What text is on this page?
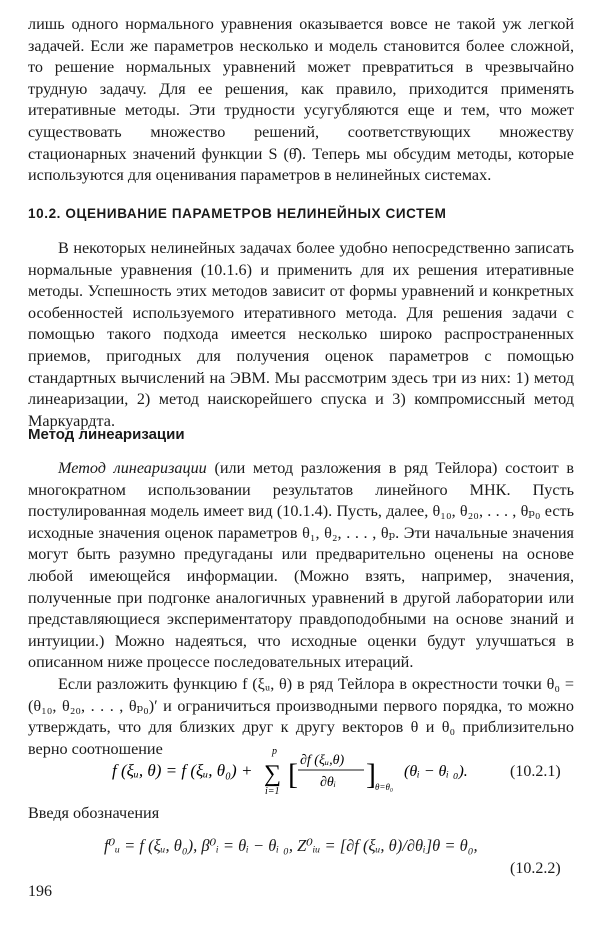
лишь одного нормального уравнения оказывается вовсе не такой уж легкой задачей. Если же параметров несколько и модель становится более сложной, то решение нормальных уравнений может превратиться в чрезвычайно трудную задачу. Для ее решения, как правило, приходится применять итеративные методы. Эти трудности усугубляются еще и тем, что может существовать множество решений, соответствующих множеству стационарных значений функции S (θ̂). Теперь мы обсудим методы, которые используются для оценивания параметров в нелинейных системах.

10.2. ОЦЕНИВАНИЕ ПАРАМЕТРОВ НЕЛИНЕЙНЫХ СИСТЕМ

В некоторых нелинейных задачах более удобно непосредственно записать нормальные уравнения (10.1.6) и применить для их решения итеративные методы. Успешность этих методов зависит от формы уравнений и конкретных особенностей используемого итеративного метода. Для решения задачи с помощью такого подхода имеется несколько широко распространенных приемов, пригодных для получения оценок параметров с помощью стандартных вычислений на ЭВМ. Мы рассмотрим здесь три из них: 1) метод линеаризации, 2) метод наискорейшего спуска и 3) компромиссный метод Маркуардта.

Метод линеаризации

Метод линеаризации (или метод разложения в ряд Тейлора) состоит в многократном использовании результатов линейного МНК. Пусть постулированная модель имеет вид (10.1.4). Пусть, далее, θ₁₀, θ₂₀, . . . , θₚ₀ есть исходные значения оценок параметров θ₁, θ₂, . . . , θₚ. Эти начальные значения могут быть разумно предугаданы или предварительно оценены на основе любой имеющейся информации. (Можно взять, например, значения, полученные при подгонке аналогичных уравнений в другой лаборатории или представляющиеся экспериментатору правдоподобными на основе знаний и интуиции.) Можно надеяться, что исходные оценки будут улучшаться в описанном ниже процессе последовательных итераций.

Если разложить функцию f (ξᵤ, θ) в ряд Тейлора в окрестности точки θ₀ = (θ₁₀, θ₂₀, . . . , θₚ₀)′ и ограничиться производными первого порядка, то можно утверждать, что для близких друг к другу векторов θ и θ₀ приблизительно верно соотношение

f (ξᵤ, θ) = f (ξᵤ, θ₀) +
p
∑
i=1
[ ∂f (ξᵤ,θ)
∂θᵢ ] θ=θ₀
(θᵢ − θᵢ ₀).	(10.2.1)

Введя обозначения

f⁰ᵤ = f (ξᵤ, θ₀), β⁰ᵢ = θᵢ − θᵢ ₀, Z⁰ᵢᵤ = [∂f (ξᵤ, θ)/∂θᵢ]θ = θ₀,
(10.2.2)
196
